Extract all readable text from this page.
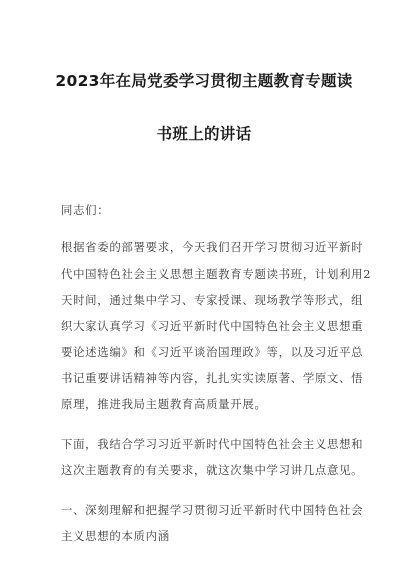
2023年在局党委学习贯彻主题教育专题读
书班上的讲话
同志们：
根据省委的部署要求，今天我们召开学习贯彻习近平新时
代中国特色社会主义思想主题教育专题读书班，计划利用2
天时间，通过集中学习、专家授课、现场教学等形式，组
织大家认真学习《习近平新时代中国特色社会主义思想重
要论述选编》和《习近平谈治国理政》等，以及习近平总
书记重要讲话精神等内容，扎扎实实读原著、学原文、悟
原理，推进我局主题教育高质量开展。
下面，我结合学习习近平新时代中国特色社会主义思想和
这次主题教育的有关要求，就这次集中学习讲几点意见。
一、深刻理解和把握学习贯彻习近平新时代中国特色社会
主义思想的本质内涵
